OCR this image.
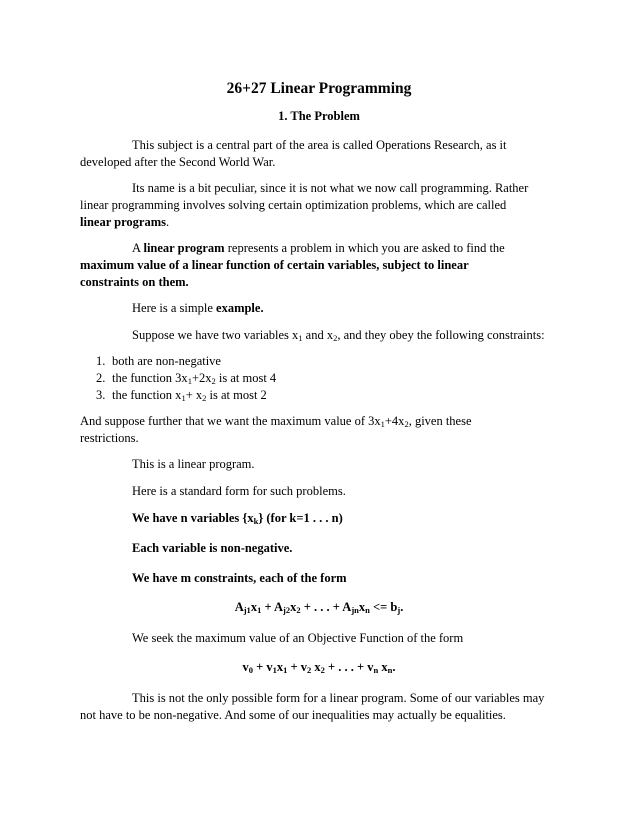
26+27 Linear Programming
1. The Problem
This subject is a central part of the area is called Operations Research, as it
developed after the Second World War.
Its name is a bit peculiar, since it is not what we now call programming. Rather
linear programming involves solving certain optimization problems, which are called
linear programs.
A linear program represents a problem in which you are asked to find the
maximum value of a linear function of certain variables, subject to linear
constraints on them.
Here is a simple example.
Suppose we have two variables $x_1$ and $x_2$, and they obey the following constraints:
1. both are non-negative
2. the function $3x_1+2x_2$ is at most 4
3. the function $x_1+ x_2$ is at most 2
And suppose further that we want the maximum value of $3x_1+4x_2$, given these
restrictions.
This is a linear program.
Here is a standard form for such problems.
We have n variables $\{x_k\}$ (for k=1 . . . n)
Each variable is non-negative.
We have m constraints, each of the form
$A_{j1}x_1 + A_{j2}x_2$ + . . . + $A_{jn}x_n <= b_j$.
We seek the maximum value of an Objective Function of the form
$v_0 + v_1x_1 + v_2$ $x_2$ + . . . + $v_n$ $x_n$.
This is not the only possible form for a linear program. Some of our variables may
not have to be non-negative. And some of our inequalities may actually be equalities.
